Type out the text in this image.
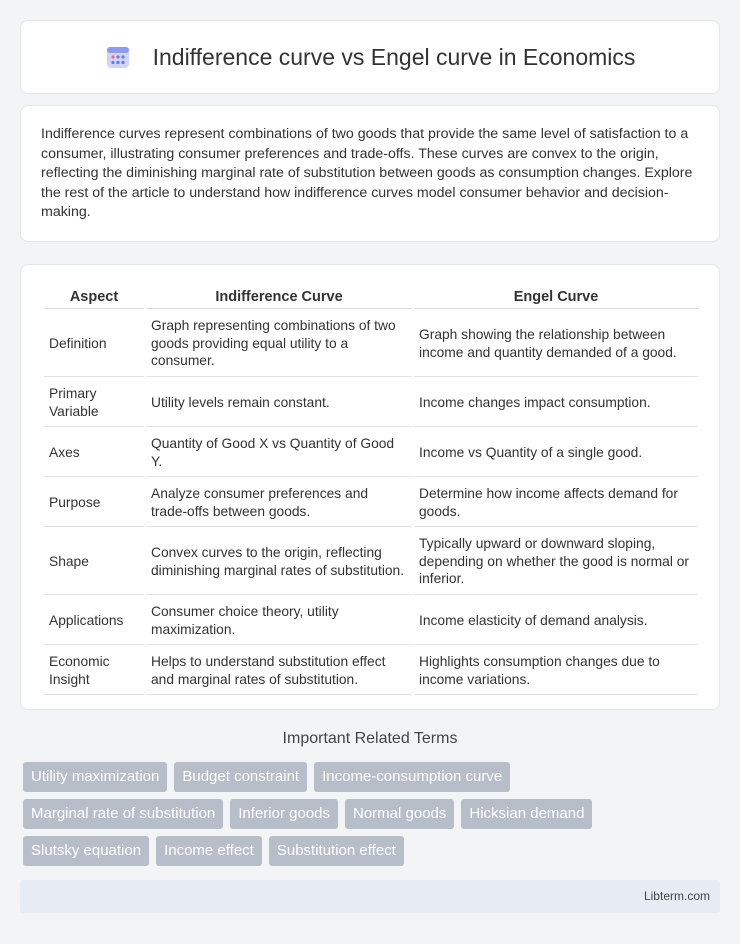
Indifference curve vs Engel curve in Economics

Indifference curves represent combinations of two goods that provide the same level of satisfaction to a consumer, illustrating consumer preferences and trade-offs. These curves are convex to the origin, reflecting the diminishing marginal rate of substitution between goods as consumption changes. Explore the rest of the article to understand how indifference curves model consumer behavior and decision-making.

Aspect	Indifference Curve	Engel Curve
Definition	Graph representing combinations of two goods providing equal utility to a consumer.	Graph showing the relationship between income and quantity demanded of a good.
Primary Variable	Utility levels remain constant.	Income changes impact consumption.
Axes	Quantity of Good X vs Quantity of Good Y.	Income vs Quantity of a single good.
Purpose	Analyze consumer preferences and trade-offs between goods.	Determine how income affects demand for goods.
Shape	Convex curves to the origin, reflecting diminishing marginal rates of substitution.	Typically upward or downward sloping, depending on whether the good is normal or inferior.
Applications	Consumer choice theory, utility maximization.	Income elasticity of demand analysis.
Economic Insight	Helps to understand substitution effect and marginal rates of substitution.	Highlights consumption changes due to income variations.
Important Related Terms
Utility maximization	Budget constraint	Income-consumption curve
Marginal rate of substitution	Inferior goods	Normal goods	Hicksian demand
Slutsky equation	Income effect	Substitution effect
Libterm.com
